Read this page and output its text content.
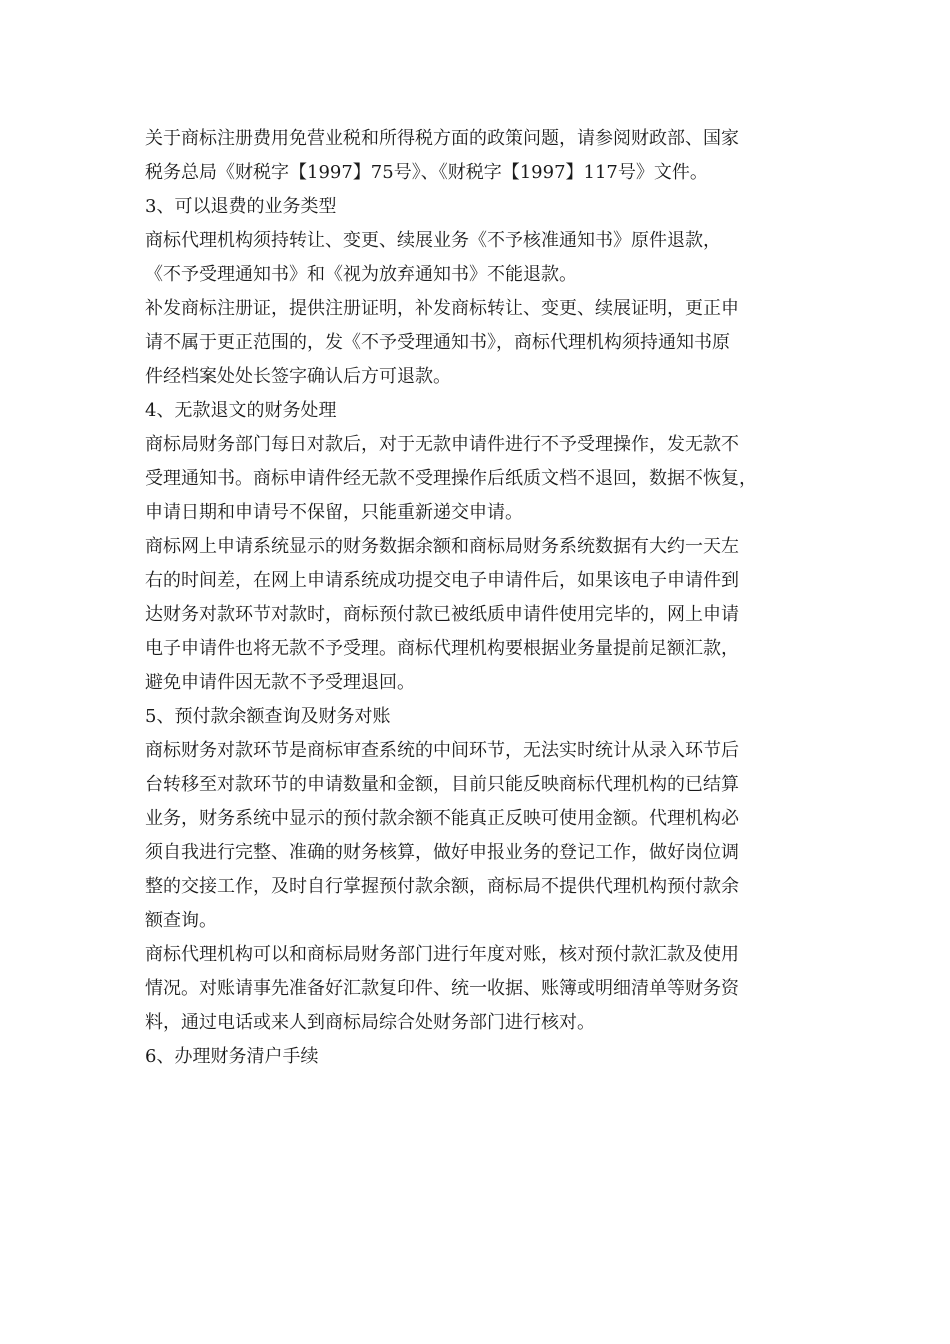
关于商标注册费用免营业税和所得税方面的政策问题，请参阅财政部、国家
税务总局《财税字【1997】75号》、《财税字【1997】117号》文件。
3、可以退费的业务类型
商标代理机构须持转让、变更、续展业务《不予核准通知书》原件退款，
《不予受理通知书》和《视为放弃通知书》不能退款。
补发商标注册证，提供注册证明，补发商标转让、变更、续展证明，更正申
请不属于更正范围的，发《不予受理通知书》，商标代理机构须持通知书原
件经档案处处长签字确认后方可退款。
4、无款退文的财务处理
商标局财务部门每日对款后，对于无款申请件进行不予受理操作，发无款不
受理通知书。商标申请件经无款不受理操作后纸质文档不退回，数据不恢复，
申请日期和申请号不保留，只能重新递交申请。
商标网上申请系统显示的财务数据余额和商标局财务系统数据有大约一天左
右的时间差，在网上申请系统成功提交电子申请件后，如果该电子申请件到
达财务对款环节对款时，商标预付款已被纸质申请件使用完毕的，网上申请
电子申请件也将无款不予受理。商标代理机构要根据业务量提前足额汇款，
避免申请件因无款不予受理退回。
5、预付款余额查询及财务对账
商标财务对款环节是商标审查系统的中间环节，无法实时统计从录入环节后
台转移至对款环节的申请数量和金额，目前只能反映商标代理机构的已结算
业务，财务系统中显示的预付款余额不能真正反映可使用金额。代理机构必
须自我进行完整、准确的财务核算，做好申报业务的登记工作，做好岗位调
整的交接工作，及时自行掌握预付款余额，商标局不提供代理机构预付款余
额查询。
商标代理机构可以和商标局财务部门进行年度对账，核对预付款汇款及使用
情况。对账请事先准备好汇款复印件、统一收据、账簿或明细清单等财务资
料，通过电话或来人到商标局综合处财务部门进行核对。
6、办理财务清户手续
